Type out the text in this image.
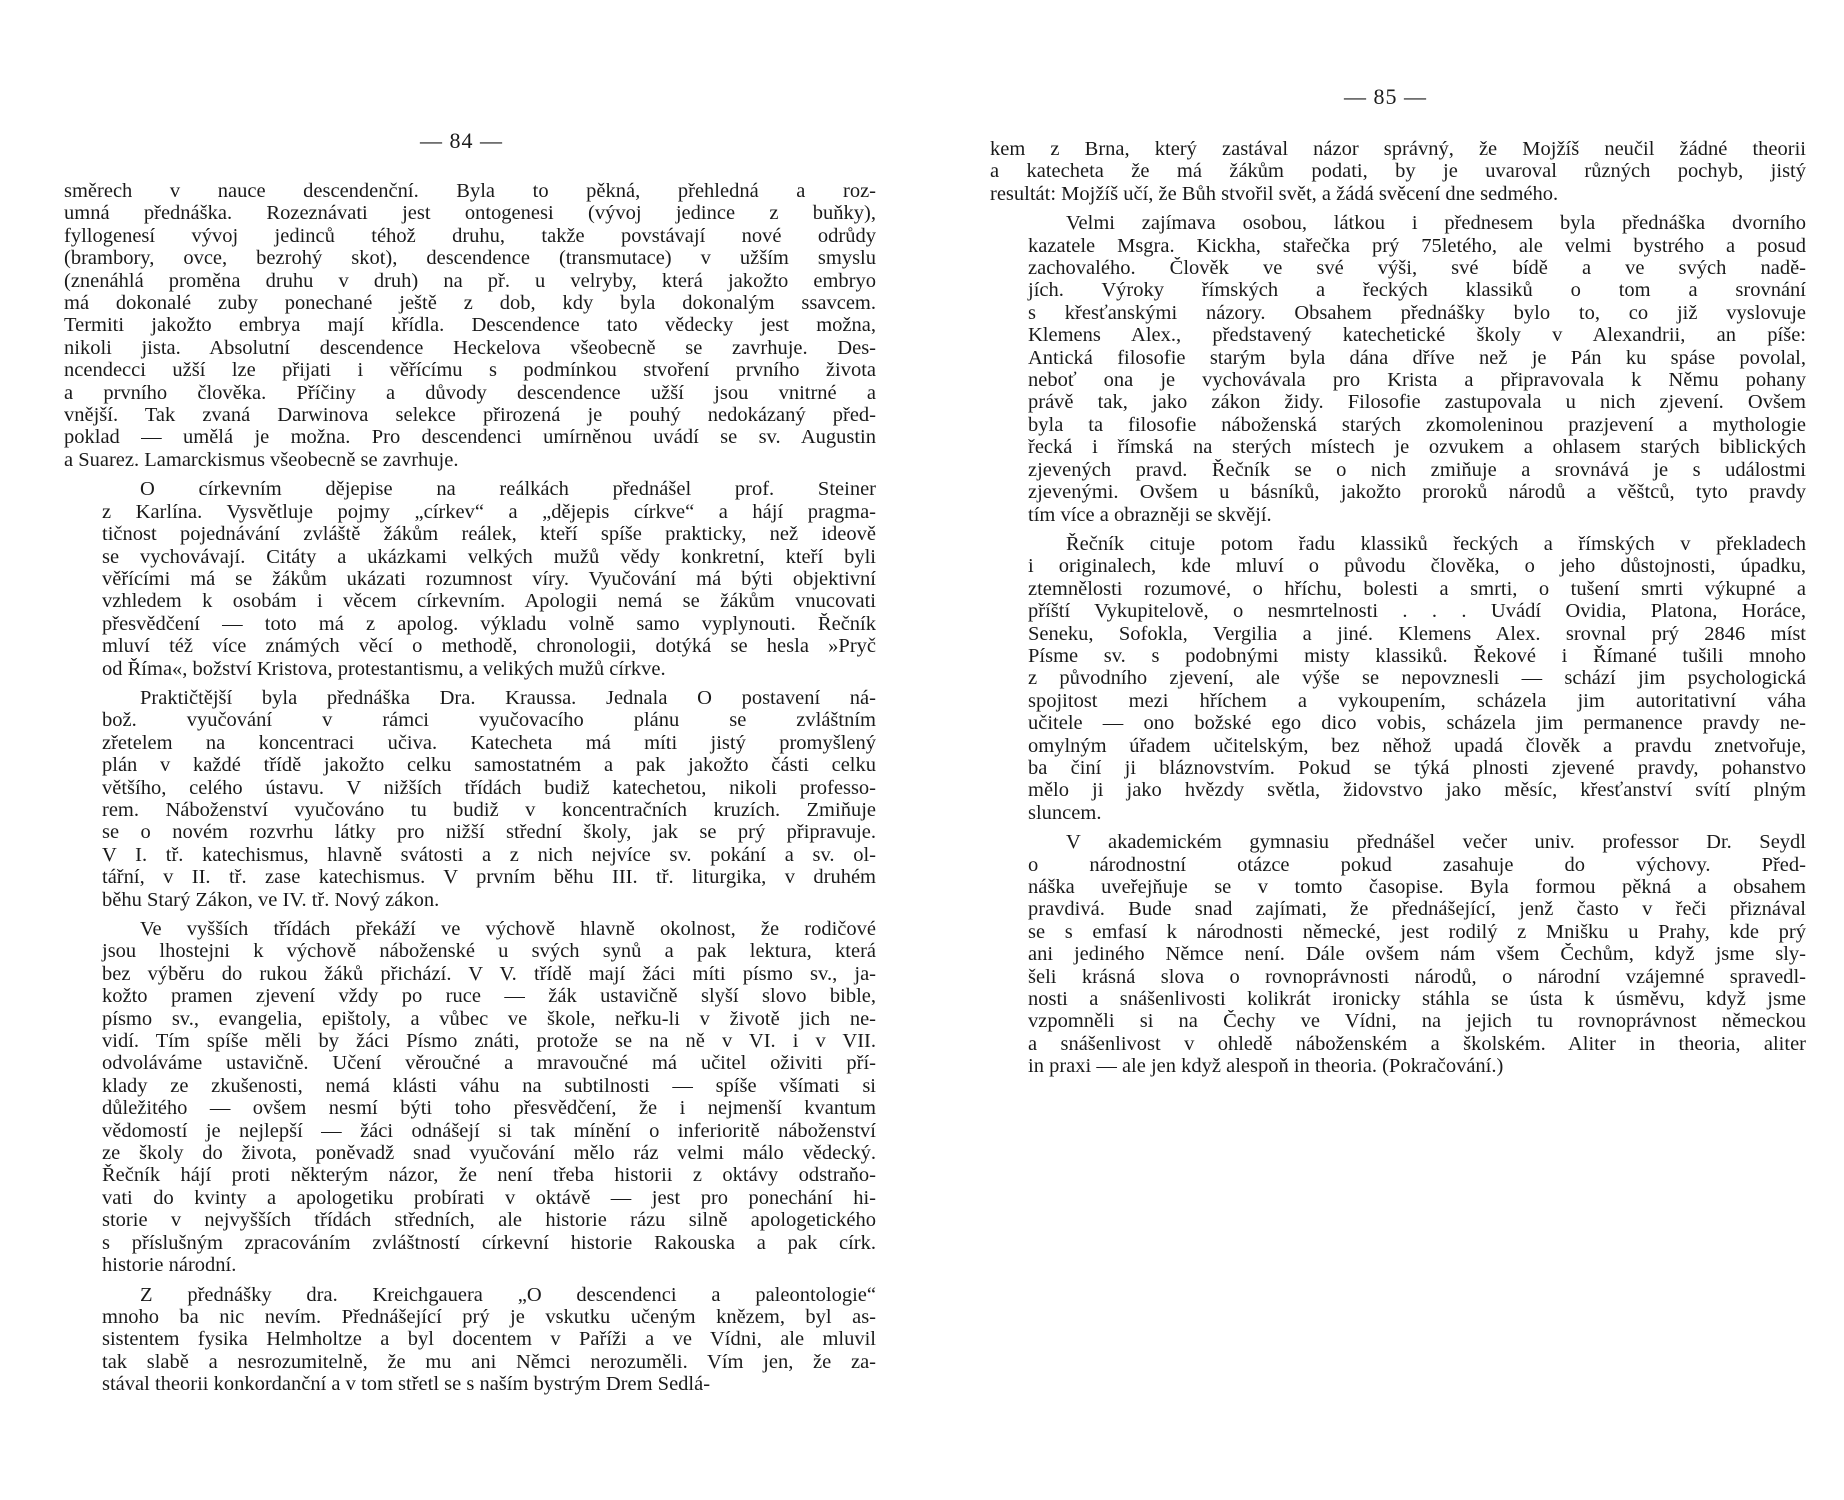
— 84 —
směrech v nauce descendenční. Byla to pěkná, přehledná a roz-
umná přednáška. Rozeznávati jest ontogenesi (vývoj jedince z buňky),
fyllogenesí vývoj jedinců téhož druhu, takže povstávají nové odrůdy
(brambory, ovce, bezrohý skot), descendence (transmutace) v užším smyslu
(znenáhlá proměna druhu v druh) na př. u velryby, která jakožto embryo
má dokonalé zuby ponechané ještě z dob, kdy byla dokonalým ssavcem.
Termiti jakožto embrya mají křídla. Descendence tato vědecky jest možna,
nikoli jista. Absolutní descendence Heckelova všeobecně se zavrhuje. Des-
ncendecci užší lze přijati i věřícímu s podmínkou stvoření prvního života
a prvního člověka. Příčiny a důvody descendence užší jsou vnitrné a
vnější. Tak zvaná Darwinova selekce přirozená je pouhý nedokázaný před-
poklad — umělá je možna. Pro descendenci umírněnou uvádí se sv. Augustin
a Suarez. Lamarckismus všeobecně se zavrhuje.
O církevním dějepise na reálkách přednášel prof. Steiner
z Karlína. Vysvětluje pojmy „církev“ a „dějepis církve“ a hájí pragma-
tičnost pojednávání zvláště žákům reálek, kteří spíše prakticky, než ideově
se vychovávají. Citáty a ukázkami velkých mužů vědy konkretní, kteří byli
věřícími má se žákům ukázati rozumnost víry. Vyučování má býti objektivní
vzhledem k osobám i věcem církevním. Apologii nemá se žákům vnucovati
přesvědčení — toto má z apolog. výkladu volně samo vyplynouti. Řečník
mluví též více známých věcí o methodě, chronologii, dotýká se hesla »Pryč
od Říma«, božství Kristova, protestantismu, a velikých mužů církve.
Praktičtější byla přednáška Dra. Kraussa. Jednala O postavení ná-
bož. vyučování v rámci vyučovacího plánu se zvláštním
zřetelem na koncentraci učiva. Katecheta má míti jistý promyšlený
plán v každé třídě jakožto celku samostatném a pak jakožto části celku
většího, celého ústavu. V nižších třídách budiž katechetou, nikoli professo-
rem. Náboženství vyučováno tu budiž v koncentračních kruzích. Zmiňuje
se o novém rozvrhu látky pro nižší střední školy, jak se prý připravuje.
V I. tř. katechismus, hlavně svátosti a z nich nejvíce sv. pokání a sv. ol-
tářní, v II. tř. zase katechismus. V prvním běhu III. tř. liturgika, v druhém
běhu Starý Zákon, ve IV. tř. Nový zákon.
Ve vyšších třídách překáží ve výchově hlavně okolnost, že rodičové
jsou lhostejni k výchově náboženské u svých synů a pak lektura, která
bez výběru do rukou žáků přichází. V V. třídě mají žáci míti písmo sv., ja-
kožto pramen zjevení vždy po ruce — žák ustavičně slyší slovo bible,
písmo sv., evangelia, epištoly, a vůbec ve škole, neřku-li v životě jich ne-
vidí. Tím spíše měli by žáci Písmo znáti, protože se na ně v VI. i v VII.
odvoláváme ustavičně. Učení věroučné a mravoučné má učitel oživiti pří-
klady ze zkušenosti, nemá klásti váhu na subtilnosti — spíše všímati si
důležitého — ovšem nesmí býti toho přesvědčení, že i nejmenší kvantum
vědomostí je nejlepší — žáci odnášejí si tak mínění o inferioritě náboženství
ze školy do života, poněvadž snad vyučování mělo ráz velmi málo vědecký.
Řečník hájí proti některým názor, že není třeba historii z oktávy odstraňo-
vati do kvinty a apologetiku probírati v oktávě — jest pro ponechání hi-
storie v nejvyšších třídách středních, ale historie rázu silně apologetického
s příslušným zpracováním zvláštností církevní historie Rakouska a pak círk.
historie národní.
Z přednášky dra. Kreichgauera „O descendenci a paleontologie“
mnoho ba nic nevím. Přednášející prý je vskutku učeným knězem, byl as-
sistentem fysika Helmholtze a byl docentem v Paříži a ve Vídni, ale mluvil
tak slabě a nesrozumitelně, že mu ani Němci nerozuměli. Vím jen, že za-
stával theorii konkordanční a v tom střetl se s naším bystrým Drem Sedlá-
— 85 —
kem z Brna, který zastával názor správný, že Mojžíš neučil žádné theorii
a katecheta že má žákům podati, by je uvaroval různých pochyb, jistý
resultát: Mojžíš učí, že Bůh stvořil svět, a žádá svěcení dne sedmého.
Velmi zajímava osobou, látkou i přednesem byla přednáška dvorního
kazatele Msgra. Kickha, stařečka prý 75letého, ale velmi bystrého a posud
zachovalého. Člověk ve své výši, své bídě a ve svých nadě-
jích. Výroky římských a řeckých klassiků o tom a srovnání
s křesťanskými názory. Obsahem přednášky bylo to, co již vyslovuje
Klemens Alex., představený katechetické školy v Alexandrii, an píše:
Antická filosofie starým byla dána dříve než je Pán ku spáse povolal,
neboť ona je vychovávala pro Krista a připravovala k Němu pohany
právě tak, jako zákon židy. Filosofie zastupovala u nich zjevení. Ovšem
byla ta filosofie náboženská starých zkomoleninou prazjevení a mythologie
řecká i římská na sterých místech je ozvukem a ohlasem starých biblických
zjevených pravd. Řečník se o nich zmiňuje a srovnává je s událostmi
zjevenými. Ovšem u básníků, jakožto proroků národů a věštců, tyto pravdy
tím více a obrazněji se skvějí.
Řečník cituje potom řadu klassiků řeckých a římských v překladech
i originalech, kde mluví o původu člověka, o jeho důstojnosti, úpadku,
ztemnělosti rozumové, o hříchu, bolesti a smrti, o tušení smrti výkupné a
příští Vykupitelově, o nesmrtelnosti . . . Uvádí Ovidia, Platona, Horáce,
Seneku, Sofokla, Vergilia a jiné. Klemens Alex. srovnal prý 2846 míst
Písme sv. s podobnými misty klassiků. Řekové i Římané tušili mnoho
z původního zjevení, ale výše se nepovznesli — schází jim psychologická
spojitost mezi hříchem a vykoupením, scházela jim autoritativní váha
učitele — ono božské ego dico vobis, scházela jim permanence pravdy ne-
omylným úřadem učitelským, bez něhož upadá člověk a pravdu znetvořuje,
ba činí ji bláznovstvím. Pokud se týká plnosti zjevené pravdy, pohanstvo
mělo ji jako hvězdy světla, židovstvo jako měsíc, křesťanství svítí plným
sluncem.
V akademickém gymnasiu přednášel večer univ. professor Dr. Seydl
o národnostní otázce pokud zasahuje do výchovy. Před-
náška uveřejňuje se v tomto časopise. Byla formou pěkná a obsahem
pravdivá. Bude snad zajímati, že přednášející, jenž často v řeči přiznával
se s emfasí k národnosti německé, jest rodilý z Mnišku u Prahy, kde prý
ani jediného Němce není. Dále ovšem nám všem Čechům, když jsme sly-
šeli krásná slova o rovnoprávnosti národů, o národní vzájemné spravedl-
nosti a snášenlivosti kolikrát ironicky stáhla se ústa k úsměvu, když jsme
vzpomněli si na Čechy ve Vídni, na jejich tu rovnoprávnost německou
a snášenlivost v ohledě náboženském a školském. Aliter in theoria, aliter
in praxi — ale jen když alespoň in theoria. (Pokračování.)
